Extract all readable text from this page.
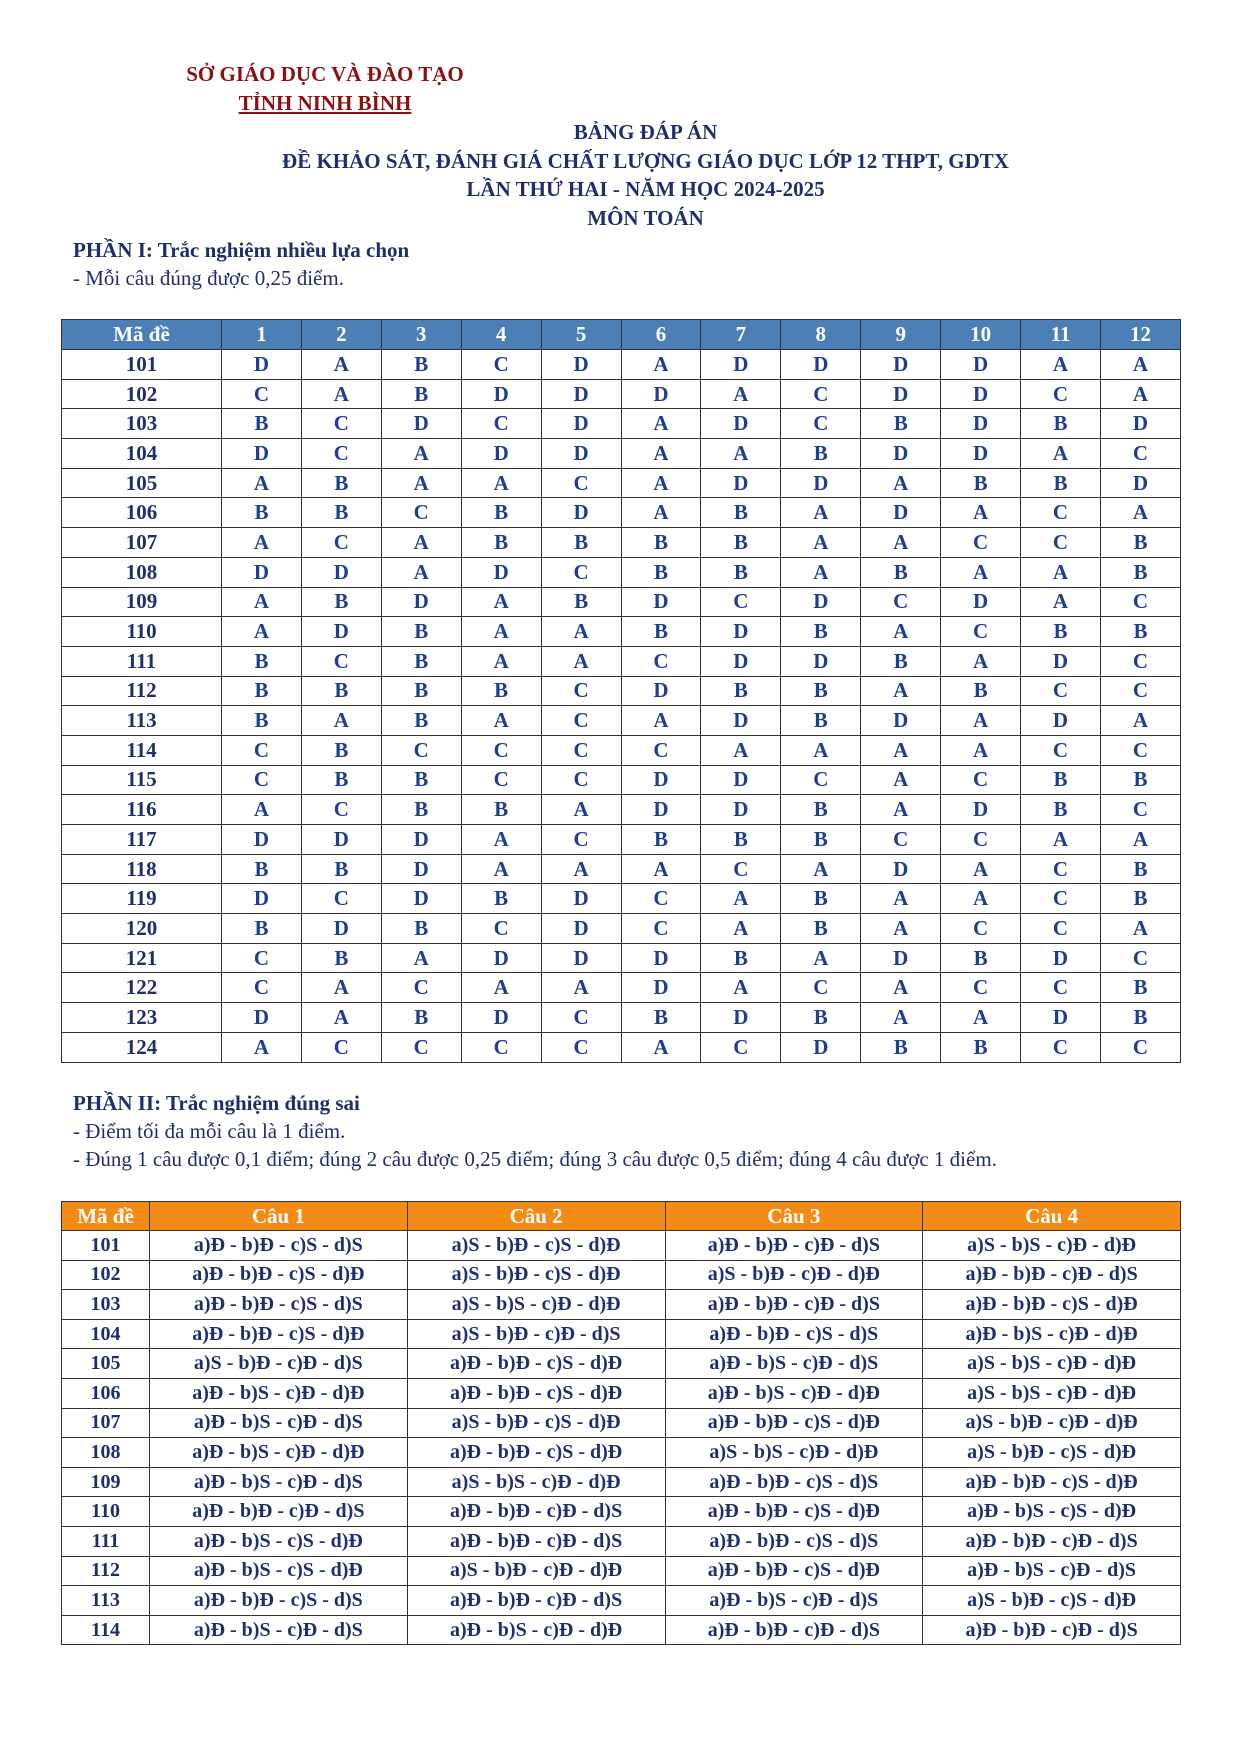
SỞ GIÁO DỤC VÀ ĐÀO TẠO
TỈNH NINH BÌNH
BẢNG ĐÁP ÁN
ĐỀ KHẢO SÁT, ĐÁNH GIÁ CHẤT LƯỢNG GIÁO DỤC LỚP 12 THPT, GDTX
LẦN THỨ HAI - NĂM HỌC 2024-2025
MÔN TOÁN
PHẦN I: Trắc nghiệm nhiều lựa chọn
- Mỗi câu đúng được 0,25 điểm.
Mã đề	1	2	3	4	5	6	7	8	9	10	11	12
101	D	A	B	C	D	A	D	D	D	D	A	A
102	C	A	B	D	D	D	A	C	D	D	C	A
103	B	C	D	C	D	A	D	C	B	D	B	D
104	D	C	A	D	D	A	A	B	D	D	A	C
105	A	B	A	A	C	A	D	D	A	B	B	D
106	B	B	C	B	D	A	B	A	D	A	C	A
107	A	C	A	B	B	B	B	A	A	C	C	B
108	D	D	A	D	C	B	B	A	B	A	A	B
109	A	B	D	A	B	D	C	D	C	D	A	C
110	A	D	B	A	A	B	D	B	A	C	B	B
111	B	C	B	A	A	C	D	D	B	A	D	C
112	B	B	B	B	C	D	B	B	A	B	C	C
113	B	A	B	A	C	A	D	B	D	A	D	A
114	C	B	C	C	C	C	A	A	A	A	C	C
115	C	B	B	C	C	D	D	C	A	C	B	B
116	A	C	B	B	A	D	D	B	A	D	B	C
117	D	D	D	A	C	B	B	B	C	C	A	A
118	B	B	D	A	A	A	C	A	D	A	C	B
119	D	C	D	B	D	C	A	B	A	A	C	B
120	B	D	B	C	D	C	A	B	A	C	C	A
121	C	B	A	D	D	D	B	A	D	B	D	C
122	C	A	C	A	A	D	A	C	A	C	C	B
123	D	A	B	D	C	B	D	B	A	A	D	B
124	A	C	C	C	C	A	C	D	B	B	C	C
PHẦN II: Trắc nghiệm đúng sai
- Điểm tối đa mỗi câu là 1 điểm.
- Đúng 1 câu được 0,1 điểm; đúng 2 câu được 0,25 điểm; đúng 3 câu được 0,5 điểm; đúng 4 câu được 1 điểm.
Mã đề	Câu 1	Câu 2	Câu 3	Câu 4
101	a)Đ - b)Đ - c)S - d)S	a)S - b)Đ - c)S - d)Đ	a)Đ - b)Đ - c)Đ - d)S	a)S - b)S - c)Đ - d)Đ
102	a)Đ - b)Đ - c)S - d)Đ	a)S - b)Đ - c)S - d)Đ	a)S - b)Đ - c)Đ - d)Đ	a)Đ - b)Đ - c)Đ - d)S
103	a)Đ - b)Đ - c)S - d)S	a)S - b)S - c)Đ - d)Đ	a)Đ - b)Đ - c)Đ - d)S	a)Đ - b)Đ - c)S - d)Đ
104	a)Đ - b)Đ - c)S - d)Đ	a)S - b)Đ - c)Đ - d)S	a)Đ - b)Đ - c)S - d)S	a)Đ - b)S - c)Đ - d)Đ
105	a)S - b)Đ - c)Đ - d)S	a)Đ - b)Đ - c)S - d)Đ	a)Đ - b)S - c)Đ - d)S	a)S - b)S - c)Đ - d)Đ
106	a)Đ - b)S - c)Đ - d)Đ	a)Đ - b)Đ - c)S - d)Đ	a)Đ - b)S - c)Đ - d)Đ	a)S - b)S - c)Đ - d)Đ
107	a)Đ - b)S - c)Đ - d)S	a)S - b)Đ - c)S - d)Đ	a)Đ - b)Đ - c)S - d)Đ	a)S - b)Đ - c)Đ - d)Đ
108	a)Đ - b)S - c)Đ - d)Đ	a)Đ - b)Đ - c)S - d)Đ	a)S - b)S - c)Đ - d)Đ	a)S - b)Đ - c)S - d)Đ
109	a)Đ - b)S - c)Đ - d)S	a)S - b)S - c)Đ - d)Đ	a)Đ - b)Đ - c)S - d)S	a)Đ - b)Đ - c)S - d)Đ
110	a)Đ - b)Đ - c)Đ - d)S	a)Đ - b)Đ - c)Đ - d)S	a)Đ - b)Đ - c)S - d)Đ	a)Đ - b)S - c)S - d)Đ
111	a)Đ - b)S - c)S - d)Đ	a)Đ - b)Đ - c)Đ - d)S	a)Đ - b)Đ - c)S - d)S	a)Đ - b)Đ - c)Đ - d)S
112	a)Đ - b)S - c)S - d)Đ	a)S - b)Đ - c)Đ - d)Đ	a)Đ - b)Đ - c)S - d)Đ	a)Đ - b)S - c)Đ - d)S
113	a)Đ - b)Đ - c)S - d)S	a)Đ - b)Đ - c)Đ - d)S	a)Đ - b)S - c)Đ - d)S	a)S - b)Đ - c)S - d)Đ
114	a)Đ - b)S - c)Đ - d)S	a)Đ - b)S - c)Đ - d)Đ	a)Đ - b)Đ - c)Đ - d)S	a)Đ - b)Đ - c)Đ - d)S
